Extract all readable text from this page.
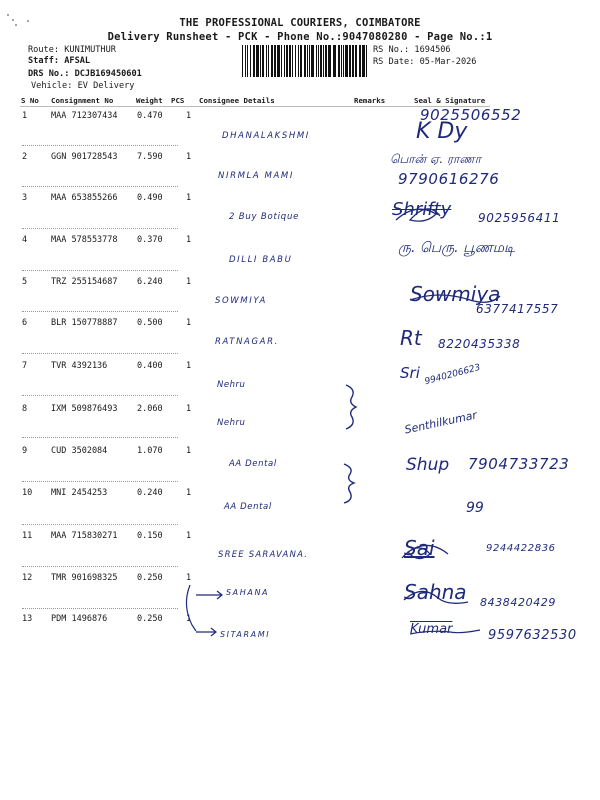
THE PROFESSIONAL COURIERS, COIMBATORE
Delivery Runsheet - PCK - Phone No.:9047080280 - Page No.:1
Route: KUNIMUTHUR
Staff: AFSAL
DRS No.: DCJB169450601
Vehicle: EV Delivery
RS No.: 1694506
RS Date: 05-Mar-2026
S No Consignment No	Weight PCS Consignee Details	Remarks	Seal & Signature
1	MAA 712307434 0.470	1
DHANALAKSHMI
9025506552
K Dy
2	GGN 901728543 7.590	1
NIRMLA MAMI
பொன் ஏ. ராணா
9790616276
3	MAA 653855266 0.490	1
2 Buy Botique	Shrifty 9025956411
4	MAA 578553778 0.370	1
DILLI BABU
ரு. பெரு. பூணமடி
5	TRZ 255154687 6.240	1
SOWMIYA	Sowmiya
6377417557
6	BLR 150778887 0.500	1
RATNAGAR.	Rt 8220435338
7	TVR 4392136	0.400	1
Nehru
Sri 9940206623
8	IXM 509876493 2.060	1
Nehru	Senthilkumar
9	CUD 3502084	1.070	1
AA Dental	Shup 7904733723
10 MNI 2454253	0.240	1
AA Dental	99
11 MAA 715830271 0.150	1
SREE SARAVANA.	Sai	9244422836
12 TMR 901698325 0.250	1
SAHANA	Sahna 8438420429
13 PDM 1496876	0.250	1
SITARAMI	Kumar	9597632530
